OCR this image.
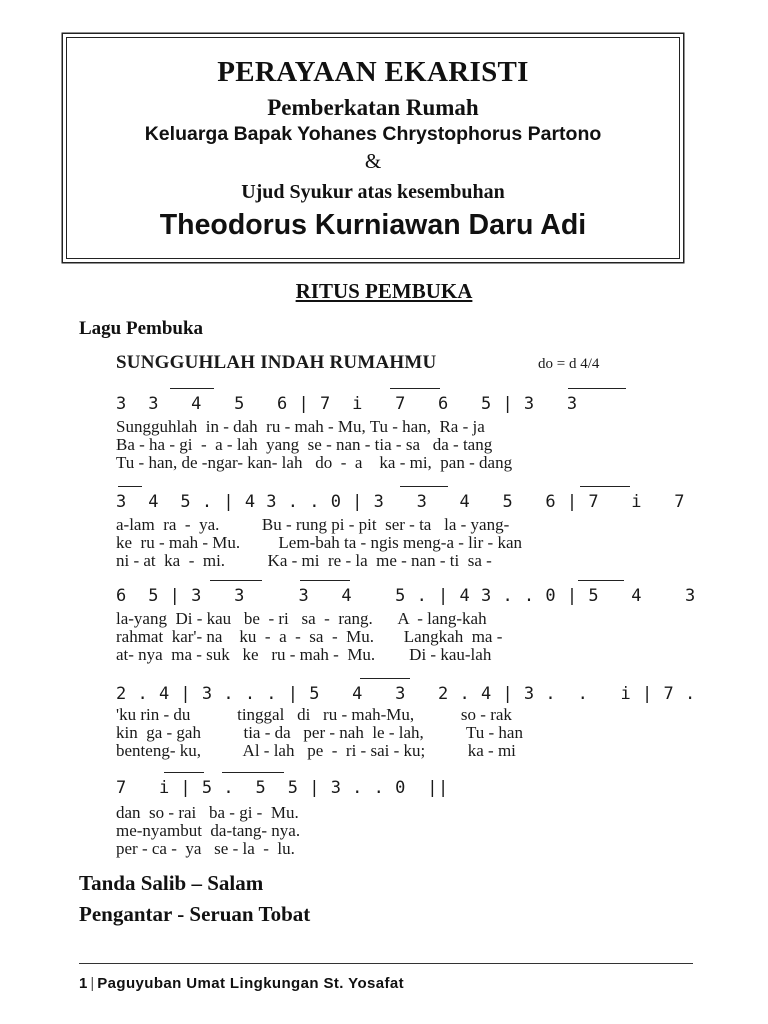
PERAYAAN EKARISTI
Pemberkatan Rumah
Keluarga Bapak Yohanes Chrystophorus Partono
&
Ujud Syukur atas kesembuhan
Theodorus Kurniawan Daru Adi
RITUS PEMBUKA
Lagu Pembuka
SUNGGUHLAH INDAH RUMAHMU	do = d 4/4
3  3   4   5   6 | 7  i   7   6   5 | 3   3
Sungguhlah  in - dah  ru - mah - Mu, Tu - han,  Ra - ja
Ba - ha - gi  -  a - lah  yang  se - nan - tia - sa   da - tang
Tu - han, de -ngar- kan- lah   do  -  a    ka - mi,  pan - dang
3  4  5 . | 4 3 . . 0 | 3   3   4   5   6 | 7   i   7
a-lam  ra  -  ya.          Bu - rung pi - pit  ser - ta   la - yang-
ke  ru - mah - Mu.         Lem-bah ta - ngis meng-a - lir - kan
ni - at  ka  -  mi.          Ka - mi  re - la  me - nan - ti  sa -
6  5 | 3   3     3   4    5 . | 4 3 . . 0 | 5   4    3
la-yang  Di - kau   be  - ri   sa  -  rang.      A  - lang-kah
rahmat  kar'- na    ku  -  a  -  sa  -  Mu.       Langkah  ma -
at- nya  ma - suk   ke   ru - mah -  Mu.        Di - kau-lah
2 . 4 | 3 . . . | 5   4   3   2 . 4 | 3 .  .   i | 7 .
'ku rin - du           tinggal   di   ru - mah-Mu,           so - rak
kin  ga - gah          tia - da   per - nah  le - lah,          Tu - han
benteng- ku,          Al - lah   pe  -  ri - sai - ku;          ka - mi
7   i | 5 .  5  5 | 3 . . 0  ||
dan  so - rai   ba - gi -  Mu.
me-nyambut  da-tang- nya.
per - ca -  ya   se - la  -  lu.
Tanda Salib – Salam
Pengantar - Seruan Tobat
1 | Paguyuban Umat Lingkungan St. Yosafat
